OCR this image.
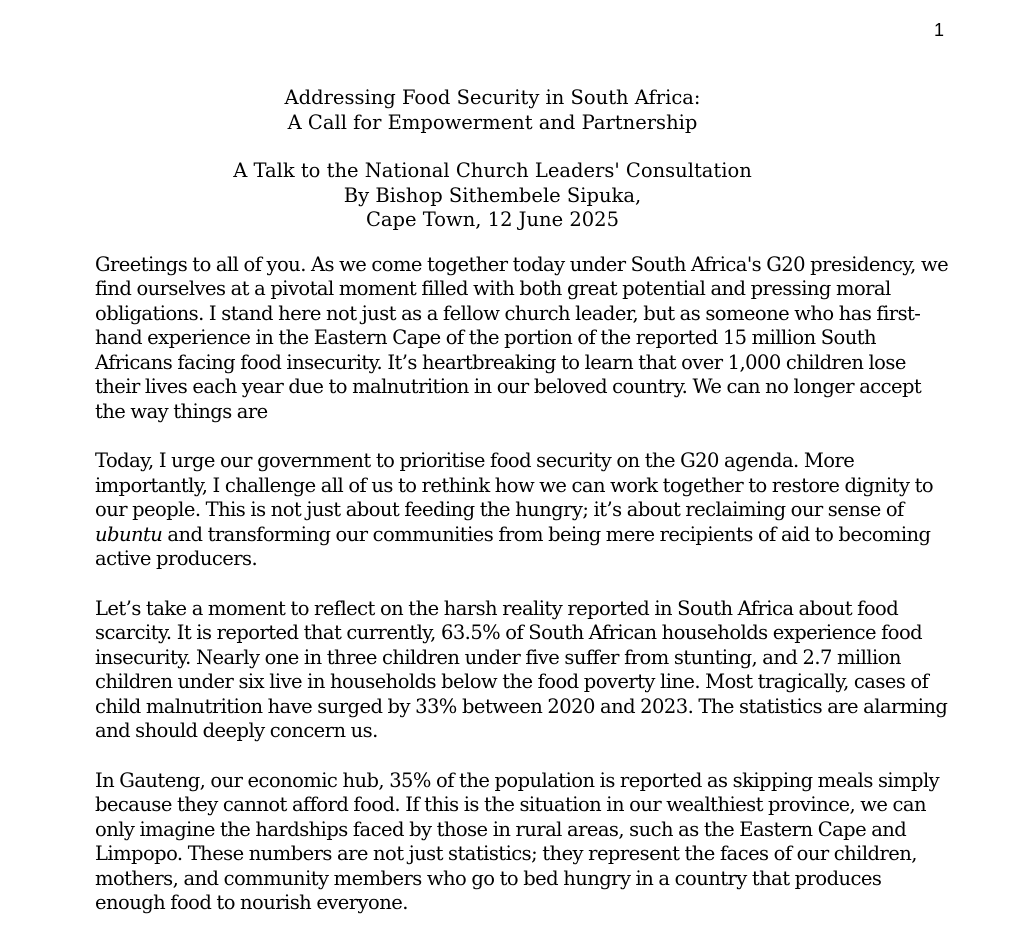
1
Addressing Food Security in South Africa:
A Call for Empowerment and Partnership
A Talk to the National Church Leaders' Consultation
By Bishop Sithembele Sipuka,
Cape Town, 12 June 2025

Greetings to all of you. As we come together today under South Africa's G20 presidency, we find ourselves at a pivotal moment filled with both great potential and pressing moral obligations. I stand here not just as a fellow church leader, but as someone who has first-hand experience in the Eastern Cape of the portion of the reported 15 million South Africans facing food insecurity. It’s heartbreaking to learn that over 1,000 children lose their lives each year due to malnutrition in our beloved country. We can no longer accept the way things are

Today, I urge our government to prioritise food security on the G20 agenda. More importantly, I challenge all of us to rethink how we can work together to restore dignity to our people. This is not just about feeding the hungry; it’s about reclaiming our sense of ubuntu and transforming our communities from being mere recipients of aid to becoming active producers.

Let’s take a moment to reflect on the harsh reality reported in South Africa about food scarcity. It is reported that currently, 63.5% of South African households experience food insecurity. Nearly one in three children under five suffer from stunting, and 2.7 million children under six live in households below the food poverty line. Most tragically, cases of child malnutrition have surged by 33% between 2020 and 2023. The statistics are alarming and should deeply concern us.

In Gauteng, our economic hub, 35% of the population is reported as skipping meals simply because they cannot afford food. If this is the situation in our wealthiest province, we can only imagine the hardships faced by those in rural areas, such as the Eastern Cape and Limpopo. These numbers are not just statistics; they represent the faces of our children, mothers, and community members who go to bed hungry in a country that produces enough food to nourish everyone.
